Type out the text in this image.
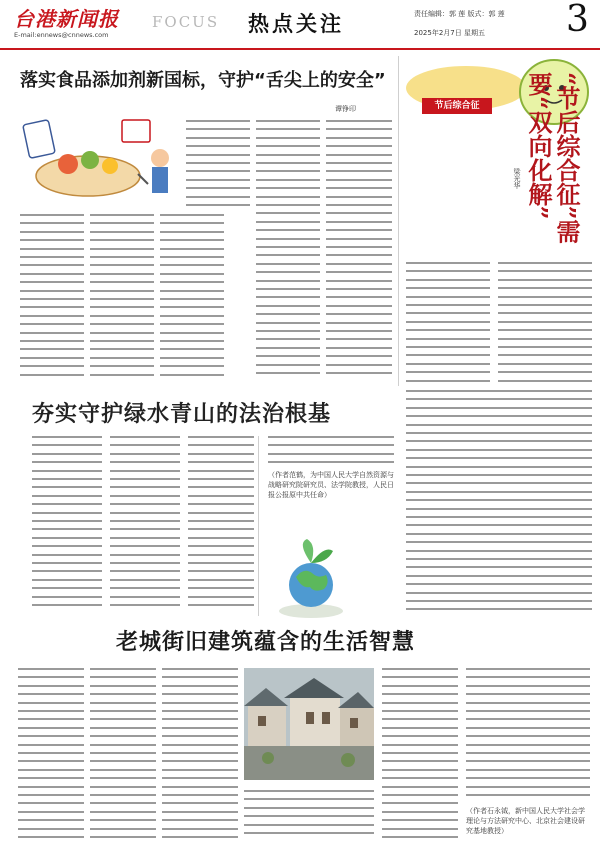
台港新闻报
E-mail:ennews@cnnews.com
FOCUS 热点关注	责任编辑：郭 莲 版式：郭 莲
2025年2月7日 星期五 3
落实食品添加剂新国标，守护“舌尖上的安全”
谭铮印	节后综合征	“节后综合征”需要“双向化解”
梁光华
夯实守护绿水青山的法治根基
（作者范鹤，为中国人民大学自然资源与战略研究院研究员、法学院教授，人民日报公报原中共任命）
老城街旧建筑蕴含的生活智慧
（作者石永钺，新中国人民大学社会学理论与方法研究中心、北京社会建设研究基地教授）
